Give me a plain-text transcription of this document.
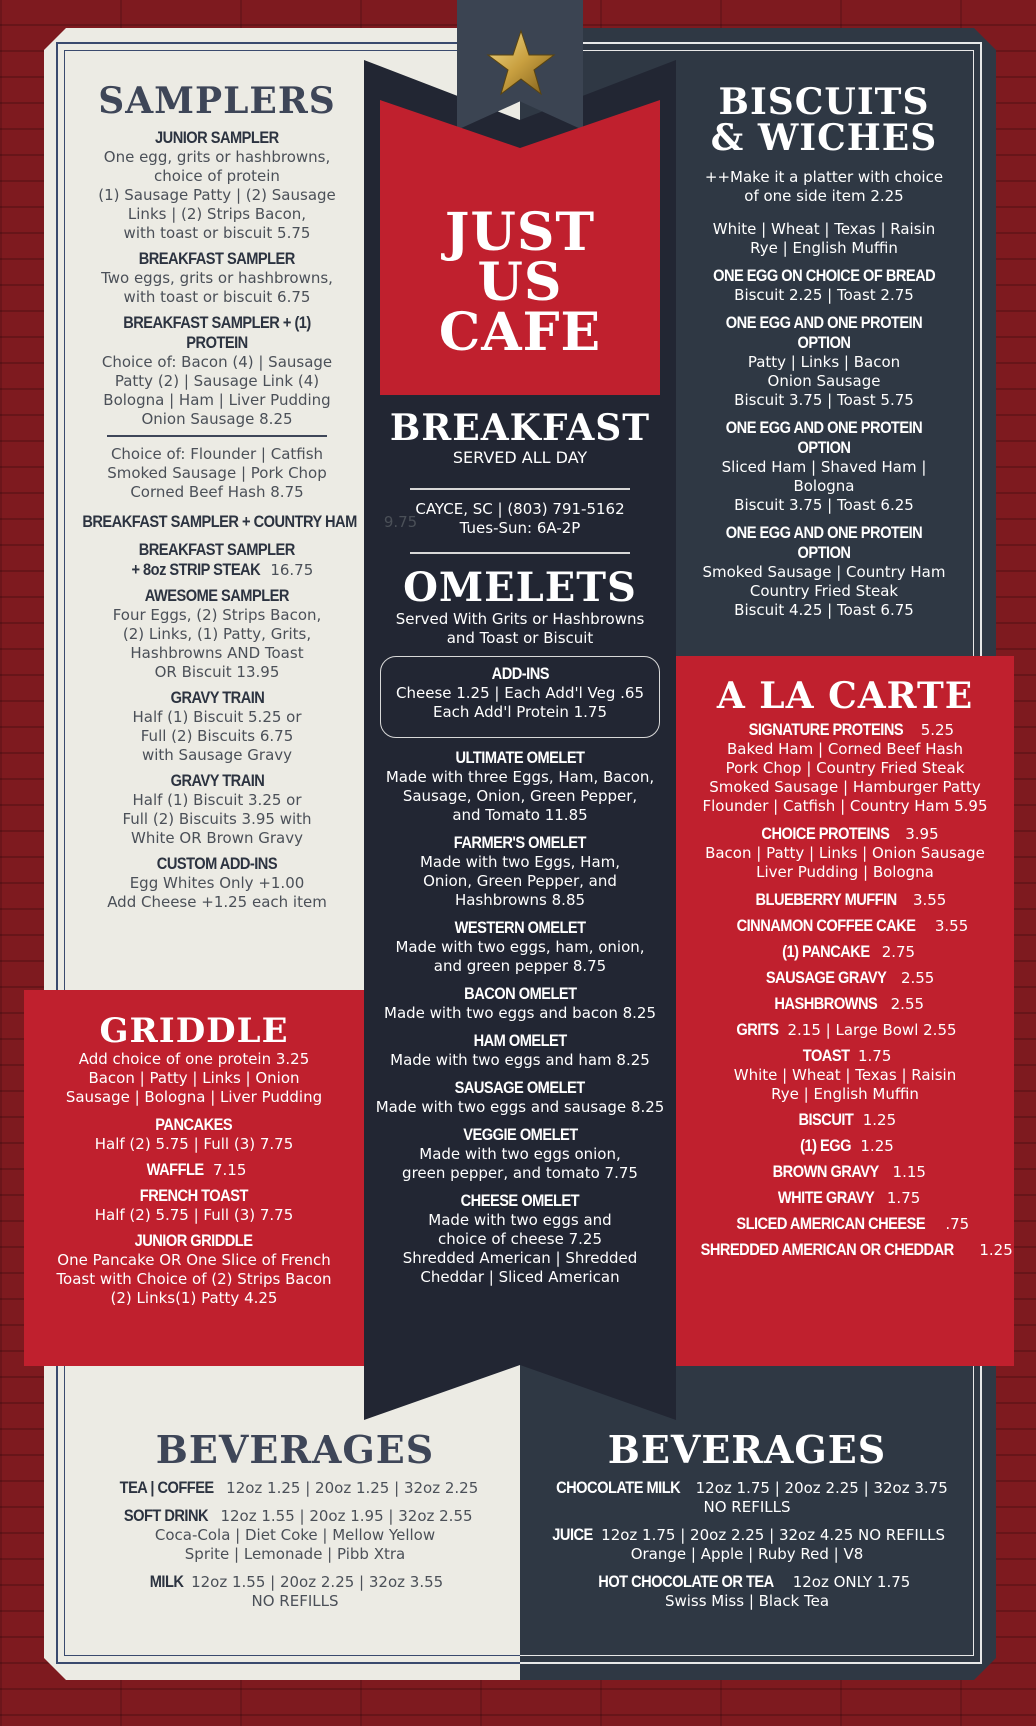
JUST
US
CAFE
BREAKFAST
SERVED ALL DAY
CAYCE, SC | (803) 791-5162
Tues-Sun: 6A-2P
OMELETS
Served With Grits or Hashbrowns
and Toast or Biscuit
ADD-INS
Cheese 1.25 | Each Add'l Veg .65
Each Add'l Protein 1.75
ULTIMATE OMELET
Made with three Eggs, Ham, Bacon,
Sausage, Onion, Green Pepper,
and Tomato 11.85
FARMER'S OMELET
Made with two Eggs, Ham,
Onion, Green Pepper, and
Hashbrowns 8.85
WESTERN OMELET
Made with two eggs, ham, onion,
and green pepper 8.75
BACON OMELET
Made with two eggs and bacon 8.25
HAM OMELET
Made with two eggs and ham 8.25
SAUSAGE OMELET
Made with two eggs and sausage 8.25
VEGGIE OMELET
Made with two eggs onion,
green pepper, and tomato 7.75
CHEESE OMELET
Made with two eggs and
choice of cheese 7.25
Shredded American | Shredded
Cheddar | Sliced American
SAMPLERS
JUNIOR SAMPLER
One egg, grits or hashbrowns,
choice of protein
(1) Sausage Patty | (2) Sausage
Links | (2) Strips Bacon,
with toast or biscuit 5.75
BREAKFAST SAMPLER
Two eggs, grits or hashbrowns,
with toast or biscuit 6.75
BREAKFAST SAMPLER + (1) PROTEIN
Choice of: Bacon (4) | Sausage
Patty (2) | Sausage Link (4)
Bologna | Ham | Liver Pudding
Onion Sausage 8.25
Choice of: Flounder | Catfish
Smoked Sausage | Pork Chop
Corned Beef Hash 8.75
BREAKFAST SAMPLER + COUNTRY HAM 9.75
BREAKFAST SAMPLER
+ 8oz STRIP STEAK 16.75
AWESOME SAMPLER
Four Eggs, (2) Strips Bacon,
(2) Links, (1) Patty, Grits,
Hashbrowns AND Toast
OR Biscuit 13.95
GRAVY TRAIN
Half (1) Biscuit 5.25 or
Full (2) Biscuits 6.75
with Sausage Gravy
GRAVY TRAIN
Half (1) Biscuit 3.25 or
Full (2) Biscuits 3.95 with
White OR Brown Gravy
CUSTOM ADD-INS
Egg Whites Only +1.00
Add Cheese +1.25 each item
GRIDDLE
Add choice of one protein 3.25
Bacon | Patty | Links | Onion
Sausage | Bologna | Liver Pudding
PANCAKES
Half (2) 5.75 | Full (3) 7.75
WAFFLE 7.15
FRENCH TOAST
Half (2) 5.75 | Full (3) 7.75
JUNIOR GRIDDLE
One Pancake OR One Slice of French
Toast with Choice of (2) Strips Bacon
(2) Links(1) Patty 4.25
BISCUITS
& WICHES
++Make it a platter with choice
of one side item 2.25
White | Wheat | Texas | Raisin
Rye | English Muffin
ONE EGG ON CHOICE OF BREAD
Biscuit 2.25 | Toast 2.75
ONE EGG AND ONE PROTEIN OPTION
Patty | Links | Bacon
Onion Sausage
Biscuit 3.75 | Toast 5.75
ONE EGG AND ONE PROTEIN OPTION
Sliced Ham | Shaved Ham |
Bologna
Biscuit 3.75 | Toast 6.25
ONE EGG AND ONE PROTEIN OPTION
Smoked Sausage | Country Ham
Country Fried Steak
Biscuit 4.25 | Toast 6.75
A LA CARTE
SIGNATURE PROTEINS 5.25
Baked Ham | Corned Beef Hash
Pork Chop | Country Fried Steak
Smoked Sausage | Hamburger Patty
Flounder | Catfish | Country Ham 5.95
CHOICE PROTEINS 3.95
Bacon | Patty | Links | Onion Sausage
Liver Pudding | Bologna
BLUEBERRY MUFFIN 3.55
CINNAMON COFFEE CAKE 3.55
(1) PANCAKE 2.75
SAUSAGE GRAVY 2.55
HASHBROWNS 2.55
GRITS 2.15 | Large Bowl 2.55
TOAST 1.75
White | Wheat | Texas | Raisin
Rye | English Muffin
BISCUIT 1.25
(1) EGG 1.25
BROWN GRAVY 1.15
WHITE GRAVY 1.75
SLICED AMERICAN CHEESE .75
SHREDDED AMERICAN OR CHEDDAR 1.25
BEVERAGES
TEA | COFFEE 12oz 1.25 | 20oz 1.25 | 32oz 2.25
SOFT DRINK 12oz 1.55 | 20oz 1.95 | 32oz 2.55
Coca-Cola | Diet Coke | Mellow Yellow
Sprite | Lemonade | Pibb Xtra
MILK 12oz 1.55 | 20oz 2.25 | 32oz 3.55
NO REFILLS
BEVERAGES
CHOCOLATE MILK 12oz 1.75 | 20oz 2.25 | 32oz 3.75
NO REFILLS
JUICE 12oz 1.75 | 20oz 2.25 | 32oz 4.25 NO REFILLS
Orange | Apple | Ruby Red | V8
HOT CHOCOLATE OR TEA 12oz ONLY 1.75
Swiss Miss | Black Tea
